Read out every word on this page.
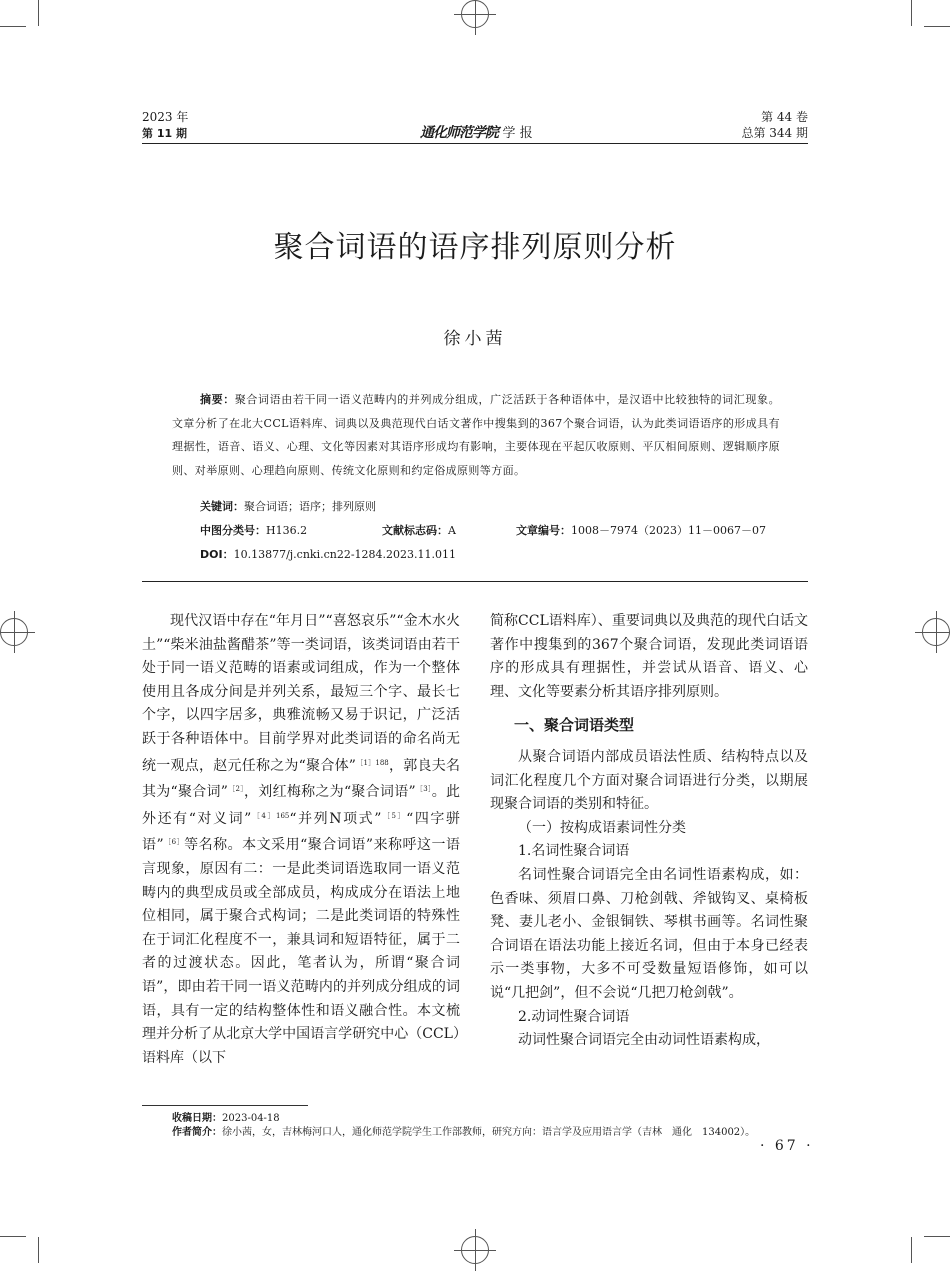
2023 年
第 11 期	通化师范学院 学 报
第 44 卷
总第 344 期
聚合词语的语序排列原则分析
徐小茜
摘要：聚合词语由若干同一语义范畴内的并列成分组成，广泛活跃于各种语体中，是汉语中比较独特的词汇现象。文章分析了在北大CCL语料库、词典以及典范现代白话文著作中搜集到的367个聚合词语，认为此类词语语序的形成具有理据性，语音、语义、心理、文化等因素对其语序形成均有影响，主要体现在平起仄收原则、平仄相间原则、逻辑顺序原则、对举原则、心理趋向原则、传统文化原则和约定俗成原则等方面。
关键词：聚合词语；语序；排列原则
中图分类号：H136.2	文献标志码：A	文章编号：1008－7974（2023）11－0067－07
DOI：10.13877/j.cnki.cn22-1284.2023.11.011

现代汉语中存在“年月日”“喜怒哀乐”“金木水火土”“柴米油盐酱醋茶”等一类词语，该类词语由若干处于同一语义范畴的语素或词组成，作为一个整体使用且各成分间是并列关系，最短三个字、最长七个字，以四字居多，典雅流畅又易于识记，广泛活跃于各种语体中。目前学界对此类词语的命名尚无统一观点，赵元任称之为“聚合体”$^{[1]188}$，郭良夫名其为“聚合词”$^{[2]}$，刘红梅称之为“聚合词语”$^{[3]}$。此外还有“对义词”$^{[4]165}$“并列N项式”$^{[5]}$“四字骈语”$^{[6]}$等名称。本文采用“聚合词语”来称呼这一语言现象，原因有二：一是此类词语选取同一语义范畴内的典型成员或全部成员，构成成分在语法上地位相同，属于聚合式构词；二是此类词语的特殊性在于词汇化程度不一，兼具词和短语特征，属于二者的过渡状态。因此，笔者认为，所谓“聚合词语”，即由若干同一语义范畴内的并列成分组成的词语，具有一定的结构整体性和语义融合性。本文梳理并分析了从北京大学中国语言学研究中心（CCL）语料库（以下

简称CCL语料库）、重要词典以及典范的现代白话文著作中搜集到的367个聚合词语，发现此类词语语序的形成具有理据性，并尝试从语音、语义、心理、文化等要素分析其语序排列原则。

一、聚合词语类型

从聚合词语内部成员语法性质、结构特点以及词汇化程度几个方面对聚合词语进行分类，以期展现聚合词语的类别和特征。

（一）按构成语素词性分类

1.名词性聚合词语

名词性聚合词语完全由名词性语素构成，如：色香味、须眉口鼻、刀枪剑戟、斧钺钩叉、桌椅板凳、妻儿老小、金银铜铁、琴棋书画等。名词性聚合词语在语法功能上接近名词，但由于本身已经表示一类事物，大多不可受数量短语修饰，如可以说“几把剑”，但不会说“几把刀枪剑戟”。

2.动词性聚合词语

动词性聚合词语完全由动词性语素构成，

收稿日期：2023-04-18
作者简介：徐小茜，女，吉林梅河口人，通化师范学院学生工作部教师，研究方向：语言学及应用语言学（吉林　通化　134002）。
· 67 ·
